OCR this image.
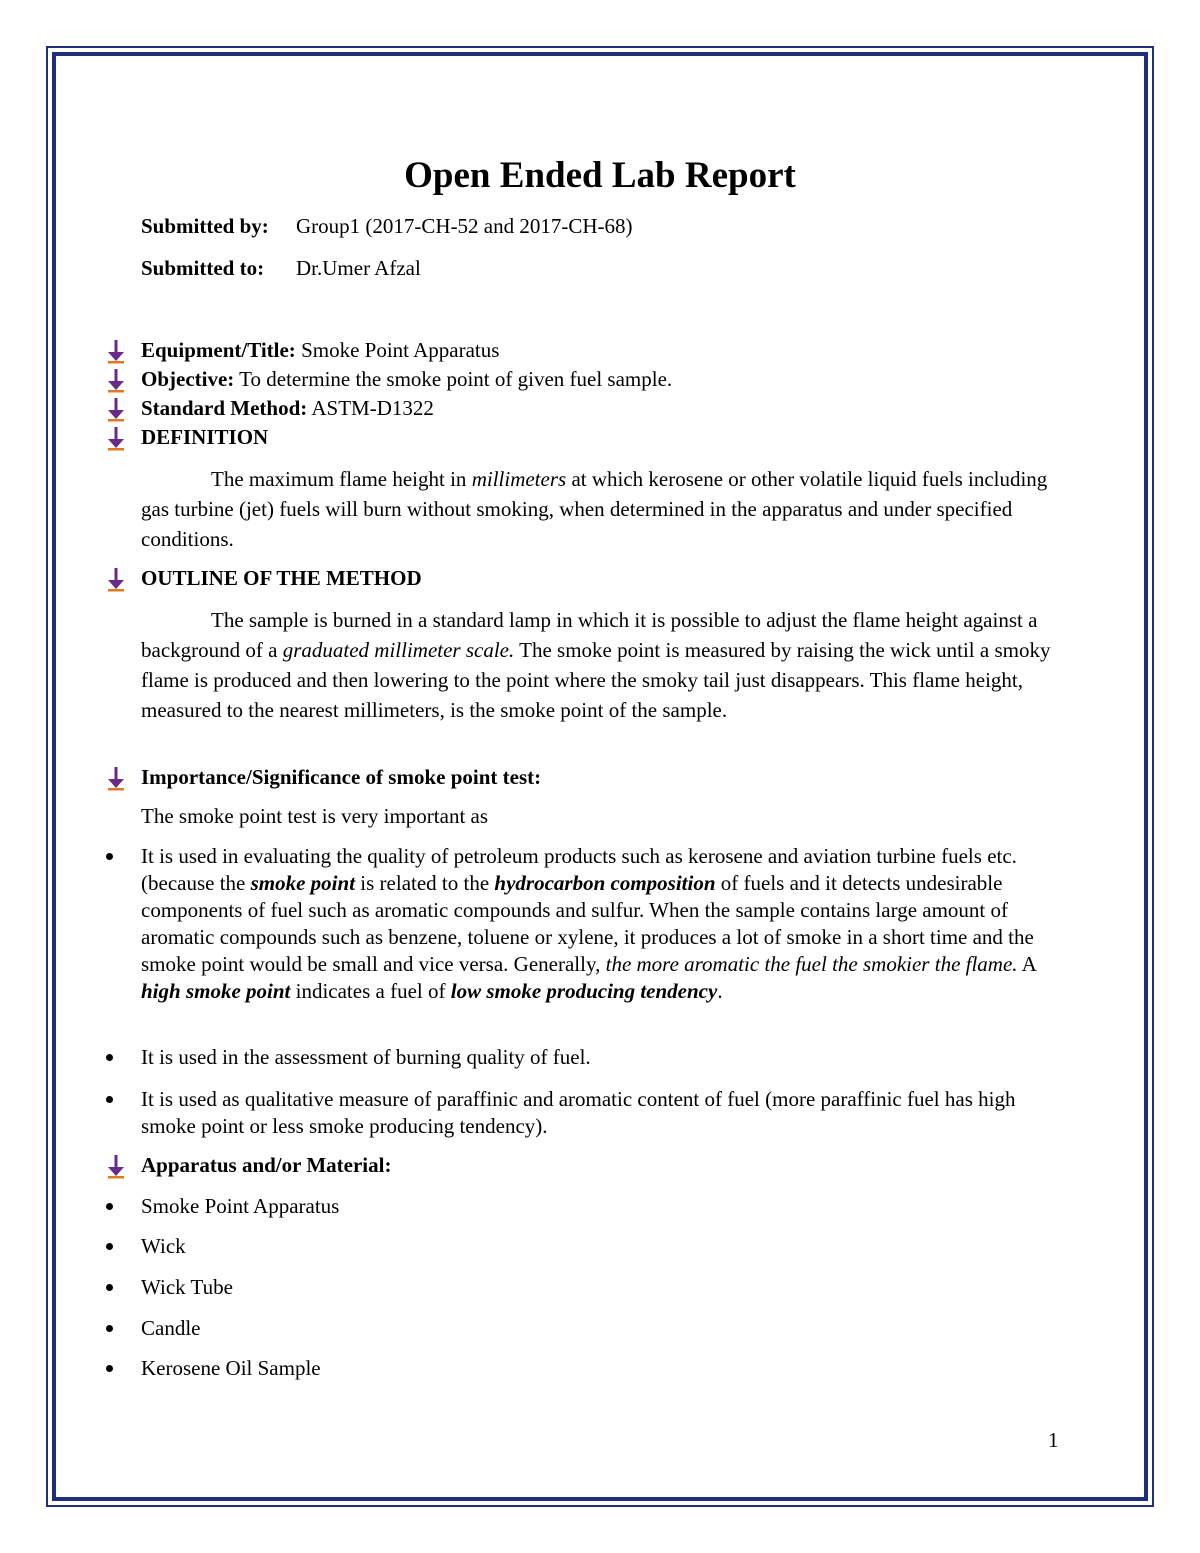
Open Ended Lab Report
Submitted by: Group1 (2017-CH-52 and 2017-CH-68)
Submitted to: Dr.Umer Afzal
Equipment/Title: Smoke Point Apparatus
Objective: To determine the smoke point of given fuel sample.
Standard Method: ASTM-D1322
DEFINITION
The maximum flame height in millimeters at which kerosene or other volatile liquid fuels including gas turbine (jet) fuels will burn without smoking, when determined in the apparatus and under specified conditions.
OUTLINE OF THE METHOD
The sample is burned in a standard lamp in which it is possible to adjust the flame height against a background of a graduated millimeter scale. The smoke point is measured by raising the wick until a smoky flame is produced and then lowering to the point where the smoky tail just disappears. This flame height, measured to the nearest millimeters, is the smoke point of the sample.
Importance/Significance of smoke point test:
The smoke point test is very important as
It is used in evaluating the quality of petroleum products such as kerosene and aviation turbine fuels etc. (because the smoke point is related to the hydrocarbon composition of fuels and it detects undesirable components of fuel such as aromatic compounds and sulfur. When the sample contains large amount of aromatic compounds such as benzene, toluene or xylene, it produces a lot of smoke in a short time and the smoke point would be small and vice versa. Generally, the more aromatic the fuel the smokier the flame. A high smoke point indicates a fuel of low smoke producing tendency.
It is used in the assessment of burning quality of fuel.
It is used as qualitative measure of paraffinic and aromatic content of fuel (more paraffinic fuel has high smoke point or less smoke producing tendency).
Apparatus and/or Material:
Smoke Point Apparatus
Wick
Wick Tube
Candle
Kerosene Oil Sample
1
